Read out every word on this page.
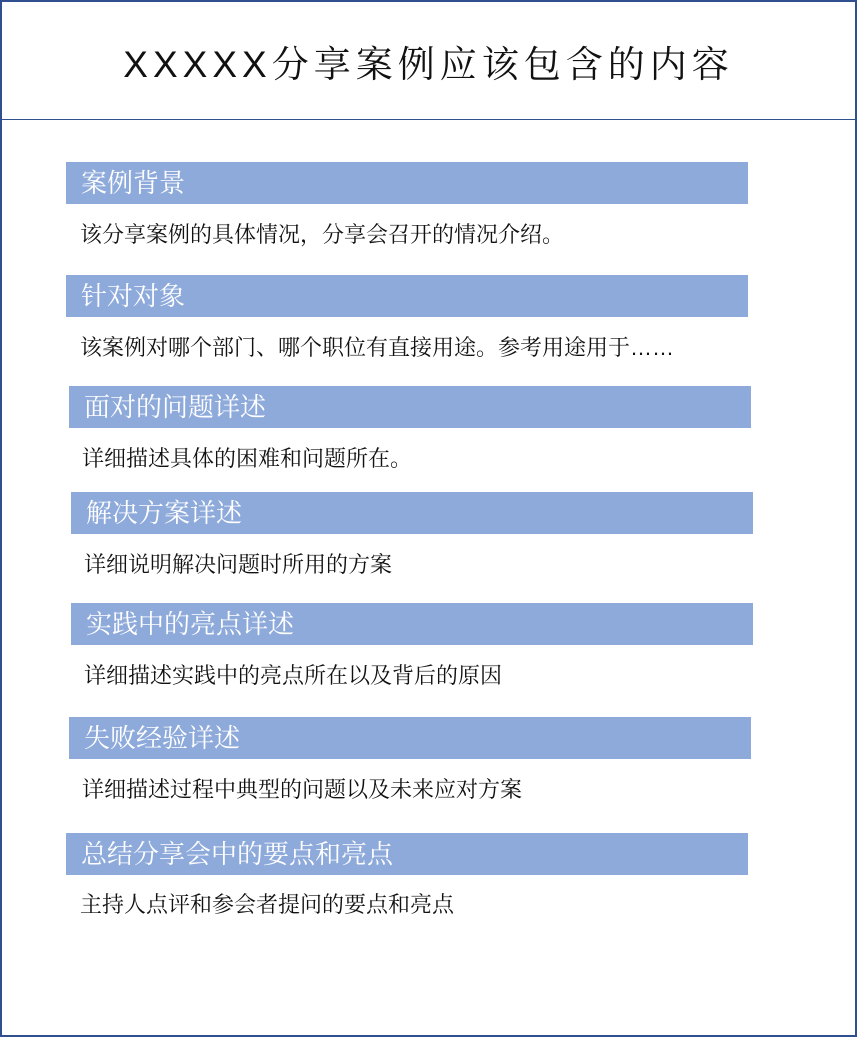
XXXXX分享案例应该包含的内容
案例背景
该分享案例的具体情况，分享会召开的情况介绍。
针对对象
该案例对哪个部门、哪个职位有直接用途。参考用途用于……
面对的问题详述
详细描述具体的困难和问题所在。
解决方案详述
详细说明解决问题时所用的方案
实践中的亮点详述
详细描述实践中的亮点所在以及背后的原因
失败经验详述
详细描述过程中典型的问题以及未来应对方案
总结分享会中的要点和亮点
主持人点评和参会者提问的要点和亮点
